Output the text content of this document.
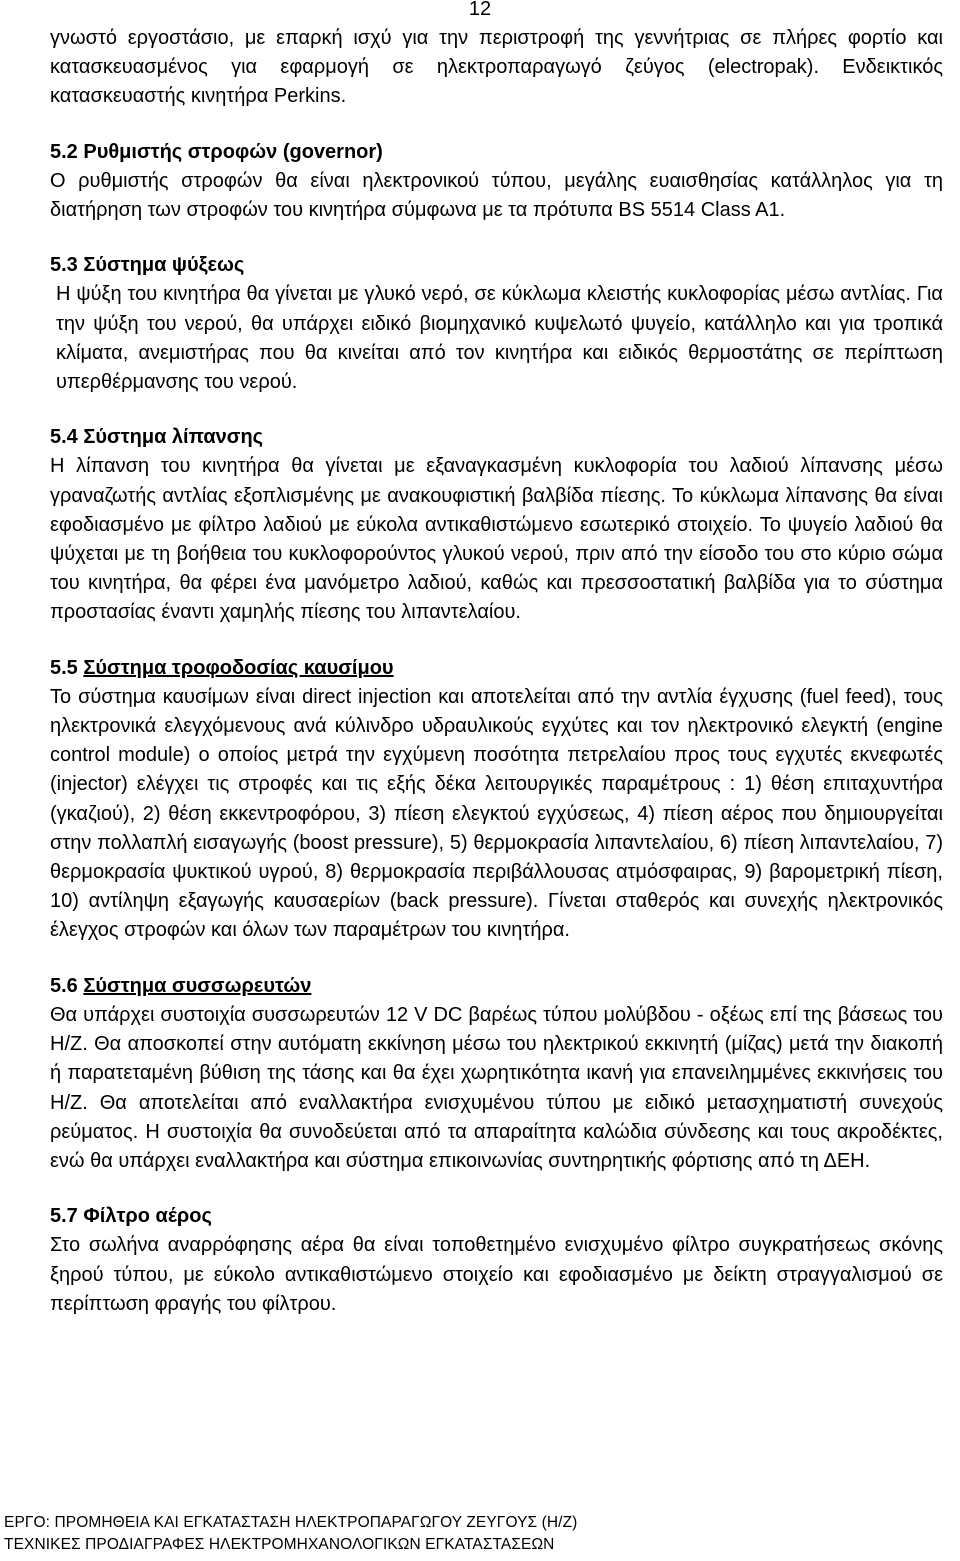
12

γνωστό εργοστάσιο, με επαρκή ισχύ για την περιστροφή της γεννήτριας σε πλήρες φορτίο και κατασκευασμένος για εφαρμογή σε ηλεκτροπαραγωγό ζεύγος (electropak). Ενδεικτικός κατασκευαστής κινητήρα Perkins.

5.2 Ρυθμιστής στροφών (governor)

Ο ρυθμιστής στροφών θα είναι ηλεκτρονικού τύπου, μεγάλης ευαισθησίας κατάλληλος για τη διατήρηση των στροφών του κινητήρα σύμφωνα με τα πρότυπα BS 5514 Class A1.

5.3 Σύστημα ψύξεως

Η ψύξη του κινητήρα θα γίνεται με γλυκό νερό, σε κύκλωμα κλειστής κυκλοφορίας μέσω αντλίας. Για την ψύξη του νερού, θα υπάρχει ειδικό βιομηχανικό κυψελωτό ψυγείο, κατάλληλο και για τροπικά κλίματα, ανεμιστήρας που θα κινείται από τον κινητήρα και ειδικός θερμοστάτης σε περίπτωση υπερθέρμανσης του νερού.

5.4 Σύστημα λίπανσης

Η λίπανση του κινητήρα θα γίνεται με εξαναγκασμένη κυκλοφορία του λαδιού λίπανσης μέσω γραναζωτής αντλίας εξοπλισμένης με ανακουφιστική βαλβίδα πίεσης. Το κύκλωμα λίπανσης θα είναι εφοδιασμένο με φίλτρο λαδιού με εύκολα αντικαθιστώμενο εσωτερικό στοιχείο. Το ψυγείο λαδιού θα ψύχεται με τη βοήθεια του κυκλοφορούντος γλυκού νερού, πριν από την είσοδο του στο κύριο σώμα του κινητήρα, θα φέρει ένα μανόμετρο λαδιού, καθώς και πρεσσοστατική βαλβίδα για το σύστημα προστασίας έναντι χαμηλής πίεσης του λιπαντελαίου.

5.5 Σύστημα τροφοδοσίας καυσίμου

Το σύστημα καυσίμων είναι direct injection και αποτελείται από την αντλία έγχυσης (fuel feed), τους ηλεκτρονικά ελεγχόμενους ανά κύλινδρο υδραυλικούς εγχύτες και τον ηλεκτρονικό ελεγκτή (engine control module) ο οποίος μετρά την εγχύμενη ποσότητα πετρελαίου προς τους εγχυτές εκνεφωτές (injector) ελέγχει τις στροφές και τις εξής δέκα λειτουργικές παραμέτρους : 1) θέση επιταχυντήρα (γκαζιού), 2) θέση εκκεντροφόρου, 3) πίεση ελεγκτού εγχύσεως, 4) πίεση αέρος που δημιουργείται στην πολλαπλή εισαγωγής (boost pressure), 5) θερμοκρασία λιπαντελαίου, 6) πίεση λιπαντελαίου, 7) θερμοκρασία ψυκτικού υγρού, 8) θερμοκρασία περιβάλλουσας ατμόσφαιρας, 9) βαρομετρική πίεση, 10) αντίληψη εξαγωγής καυσαερίων (back pressure). Γίνεται σταθερός και συνεχής ηλεκτρονικός έλεγχος στροφών και όλων των παραμέτρων του κινητήρα.

5.6 Σύστημα συσσωρευτών

Θα υπάρχει συστοιχία συσσωρευτών 12 V DC βαρέως τύπου μολύβδου - οξέως επί της βάσεως του Η/Ζ. Θα αποσκοπεί στην αυτόματη εκκίνηση μέσω του ηλεκτρικού εκκινητή (μίζας) μετά την διακοπή ή παρατεταμένη βύθιση της τάσης και θα έχει χωρητικότητα ικανή για επανειλημμένες εκκινήσεις του Η/Ζ. Θα αποτελείται από εναλλακτήρα ενισχυμένου τύπου με ειδικό μετασχηματιστή συνεχούς ρεύματος. Η συστοιχία θα συνοδεύεται από τα απαραίτητα καλώδια σύνδεσης και τους ακροδέκτες, ενώ θα υπάρχει εναλλακτήρα και σύστημα επικοινωνίας συντηρητικής φόρτισης από τη ΔΕΗ.

5.7 Φίλτρο αέρος

Στο σωλήνα αναρρόφησης αέρα θα είναι τοποθετημένο ενισχυμένο φίλτρο συγκρατήσεως σκόνης ξηρού τύπου, με εύκολο αντικαθιστώμενο στοιχείο και εφοδιασμένο με δείκτη στραγγαλισμού σε περίπτωση φραγής του φίλτρου.

ΕΡΓΟ: ΠΡΟΜΗΘΕΙΑ ΚΑΙ ΕΓΚΑΤΑΣΤΑΣΗ ΗΛΕΚΤΡΟΠΑΡΑΓΩΓΟΥ ΖΕΥΓΟΥΣ (Η/Ζ)
ΤΕΧΝΙΚΕΣ ΠΡΟΔΙΑΓΡΑΦΕΣ ΗΛΕΚΤΡΟΜΗΧΑΝΟΛΟΓΙΚΩΝ ΕΓΚΑΤΑΣΤΑΣΕΩΝ
